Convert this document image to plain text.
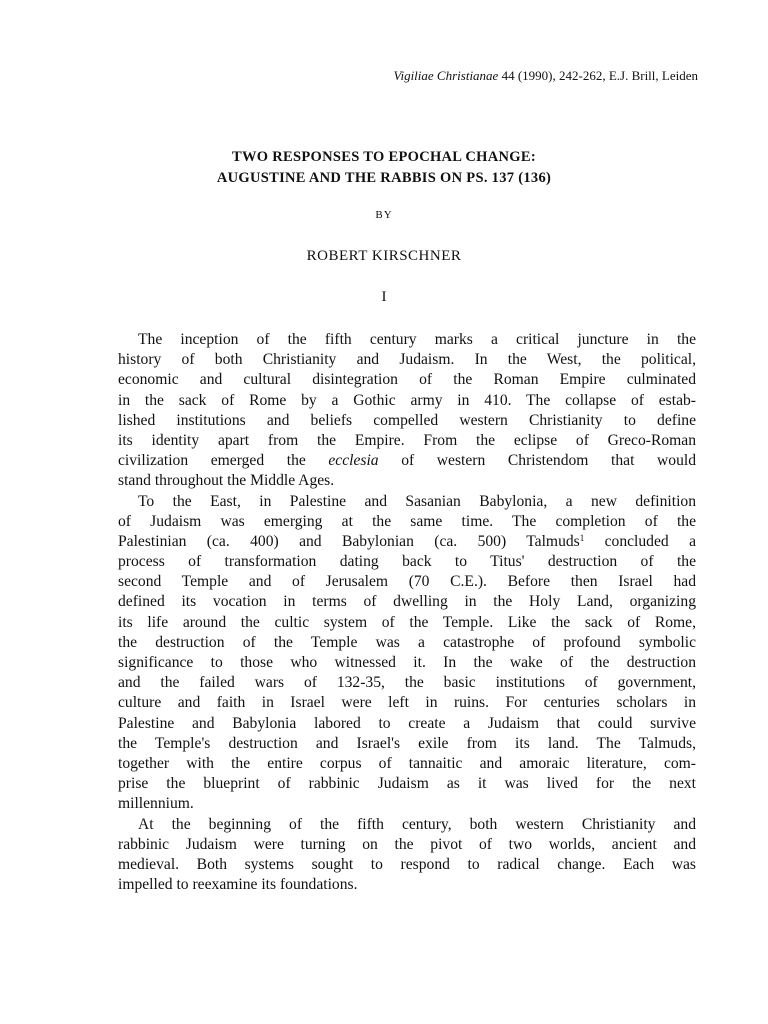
Vigiliae Christianae 44 (1990), 242-262, E.J. Brill, Leiden
TWO RESPONSES TO EPOCHAL CHANGE:
AUGUSTINE AND THE RABBIS ON PS. 137 (136)
BY
ROBERT KIRSCHNER
I
The inception of the fifth century marks a critical juncture in the
history of both Christianity and Judaism. In the West, the political,
economic and cultural disintegration of the Roman Empire culminated
in the sack of Rome by a Gothic army in 410. The collapse of estab-
lished institutions and beliefs compelled western Christianity to define
its identity apart from the Empire. From the eclipse of Greco-Roman
civilization emerged the ecclesia of western Christendom that would
stand throughout the Middle Ages.
To the East, in Palestine and Sasanian Babylonia, a new definition
of Judaism was emerging at the same time. The completion of the
Palestinian (ca. 400) and Babylonian (ca. 500) Talmuds$^1$ concluded a
process of transformation dating back to Titus' destruction of the
second Temple and of Jerusalem (70 C.E.). Before then Israel had
defined its vocation in terms of dwelling in the Holy Land, organizing
its life around the cultic system of the Temple. Like the sack of Rome,
the destruction of the Temple was a catastrophe of profound symbolic
significance to those who witnessed it. In the wake of the destruction
and the failed wars of 132-35, the basic institutions of government,
culture and faith in Israel were left in ruins. For centuries scholars in
Palestine and Babylonia labored to create a Judaism that could survive
the Temple's destruction and Israel's exile from its land. The Talmuds,
together with the entire corpus of tannaitic and amoraic literature, com-
prise the blueprint of rabbinic Judaism as it was lived for the next
millennium.
At the beginning of the fifth century, both western Christianity and
rabbinic Judaism were turning on the pivot of two worlds, ancient and
medieval. Both systems sought to respond to radical change. Each was
impelled to reexamine its foundations.
